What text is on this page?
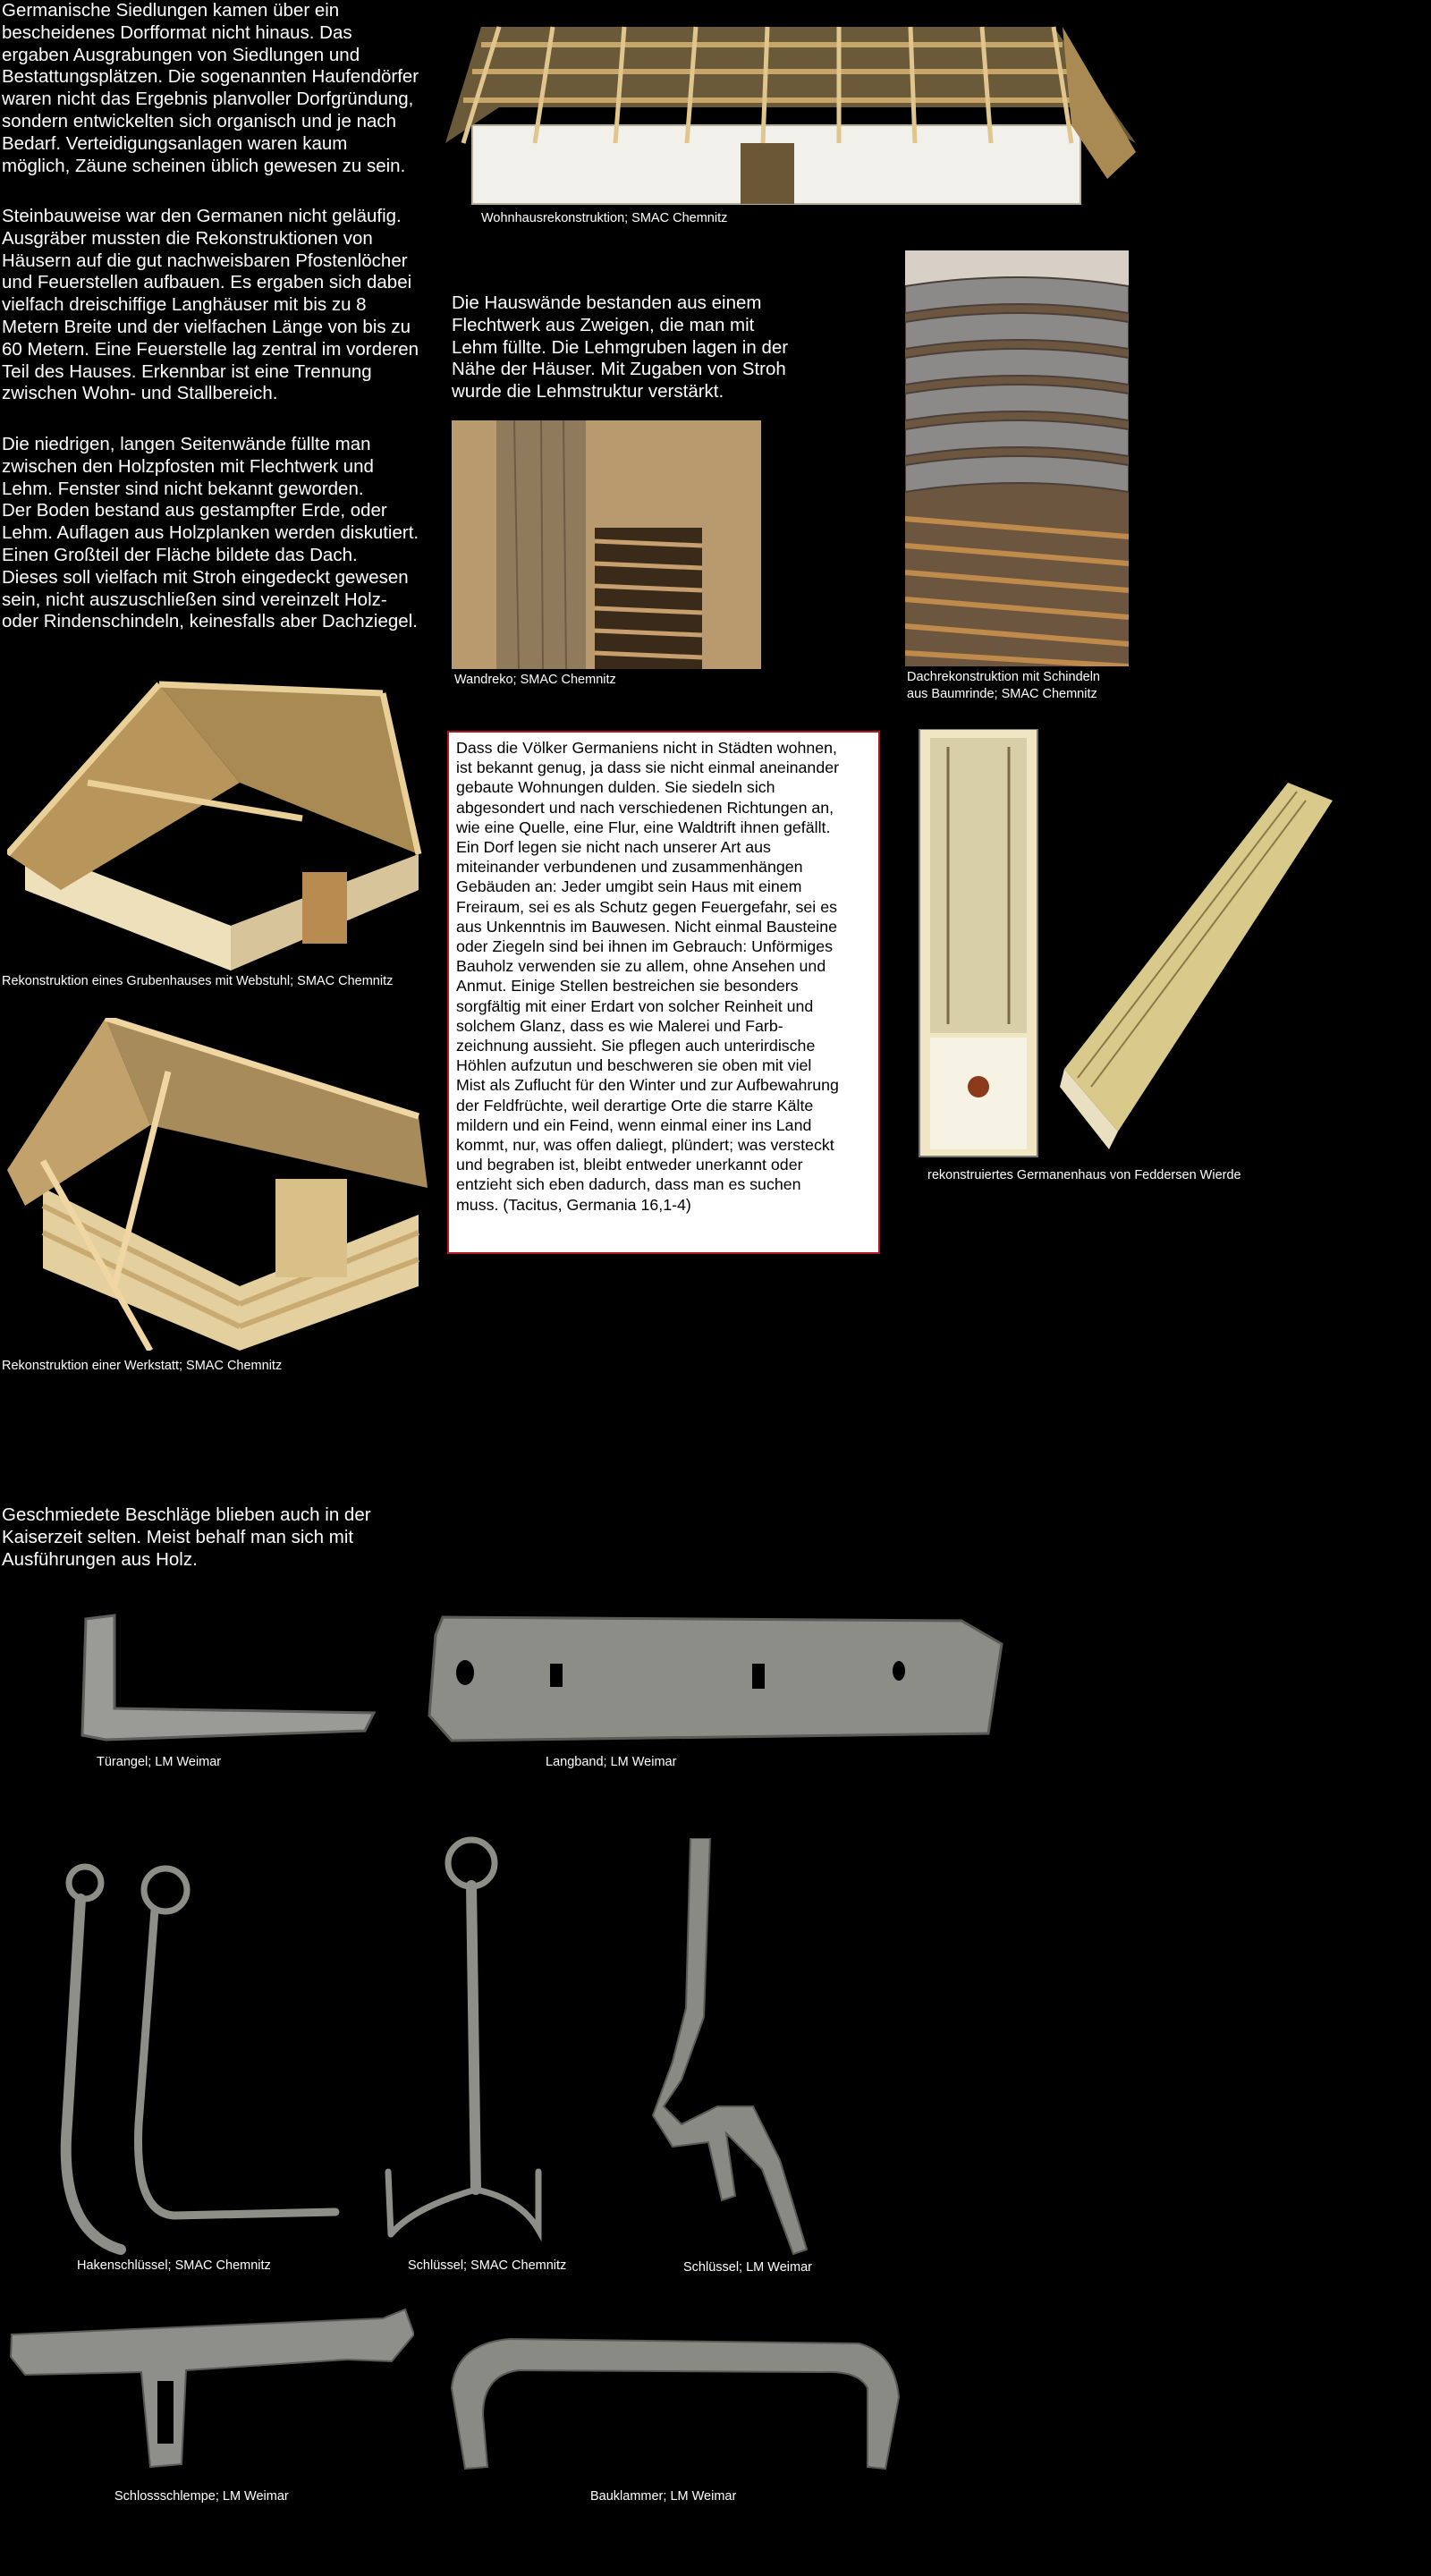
Germanische Siedlungen kamen über ein
bescheidenes Dorfformat nicht hinaus. Das
ergaben Ausgrabungen von Siedlungen und
Bestattungsplätzen. Die sogenannten Haufendörfer
waren nicht das Ergebnis planvoller Dorfgründung,
sondern entwickelten sich organisch und je nach
Bedarf. Verteidigungsanlagen waren kaum
möglich, Zäune scheinen üblich gewesen zu sein.
Steinbauweise war den Germanen nicht geläufig.
Ausgräber mussten die Rekonstruktionen von
Häusern auf die gut nachweisbaren Pfostenlöcher
und Feuerstellen aufbauen. Es ergaben sich dabei
vielfach dreischiffige Langhäuser mit bis zu 8
Metern Breite und der vielfachen Länge von bis zu
60 Metern. Eine Feuerstelle lag zentral im vorderen
Teil des Hauses. Erkennbar ist eine Trennung
zwischen Wohn- und Stallbereich.
Die niedrigen, langen Seitenwände füllte man
zwischen den Holzpfosten mit Flechtwerk und
Lehm. Fenster sind nicht bekannt geworden.
Der Boden bestand aus gestampfter Erde, oder
Lehm. Auflagen aus Holzplanken werden diskutiert.
Einen Großteil der Fläche bildete das Dach.
Dieses soll vielfach mit Stroh eingedeckt gewesen
sein, nicht auszuschließen sind vereinzelt Holz-
oder Rindenschindeln, keinesfalls aber Dachziegel.
Die Hauswände bestanden aus einem
Flechtwerk aus Zweigen, die man mit
Lehm füllte. Die Lehmgruben lagen in der
Nähe der Häuser. Mit Zugaben von Stroh
wurde die Lehmstruktur verstärkt.
Geschmiedete Beschläge blieben auch in der
Kaiserzeit selten. Meist behalf man sich mit
Ausführungen aus Holz.
Dass die Völker Germaniens nicht in Städten wohnen,
ist bekannt genug, ja dass sie nicht einmal aneinander
gebaute Wohnungen dulden. Sie siedeln sich
abgesondert und nach verschiedenen Richtungen an,
wie eine Quelle, eine Flur, eine Waldtrift ihnen gefällt.
Ein Dorf legen sie nicht nach unserer Art aus
miteinander verbundenen und zusammenhängen
Gebäuden an: Jeder umgibt sein Haus mit einem
Freiraum, sei es als Schutz gegen Feuergefahr, sei es
aus Unkenntnis im Bauwesen. Nicht einmal Bausteine
oder Ziegeln sind bei ihnen im Gebrauch: Unförmiges
Bauholz verwenden sie zu allem, ohne Ansehen und
Anmut. Einige Stellen bestreichen sie besonders
sorgfältig mit einer Erdart von solcher Reinheit und
solchem Glanz, dass es wie Malerei und Farb-
zeichnung aussieht. Sie pflegen auch unterirdische
Höhlen aufzutun und beschweren sie oben mit viel
Mist als Zuflucht für den Winter und zur Aufbewahrung
der Feldfrüchte, weil derartige Orte die starre Kälte
mildern und ein Feind, wenn einmal einer ins Land
kommt, nur, was offen daliegt, plündert; was versteckt
und begraben ist, bleibt entweder unerkannt oder
entzieht sich eben dadurch, dass man es suchen
muss. (Tacitus, Germania 16,1-4)
Wohnhausrekonstruktion; SMAC Chemnitz
Dachrekonstruktion mit Schindeln
aus Baumrinde; SMAC Chemnitz
Wandreko; SMAC Chemnitz
Rekonstruktion eines Grubenhauses mit Webstuhl; SMAC Chemnitz
rekonstruiertes Germanenhaus von Feddersen Wierde
Rekonstruktion einer Werkstatt; SMAC Chemnitz
Türangel; LM Weimar	Langband; LM Weimar
Hakenschlüssel; SMAC Chemnitz	Schlüssel; SMAC Chemnitz	Schlüssel; LM Weimar
Schlossschlempe; LM Weimar	Bauklammer; LM Weimar
